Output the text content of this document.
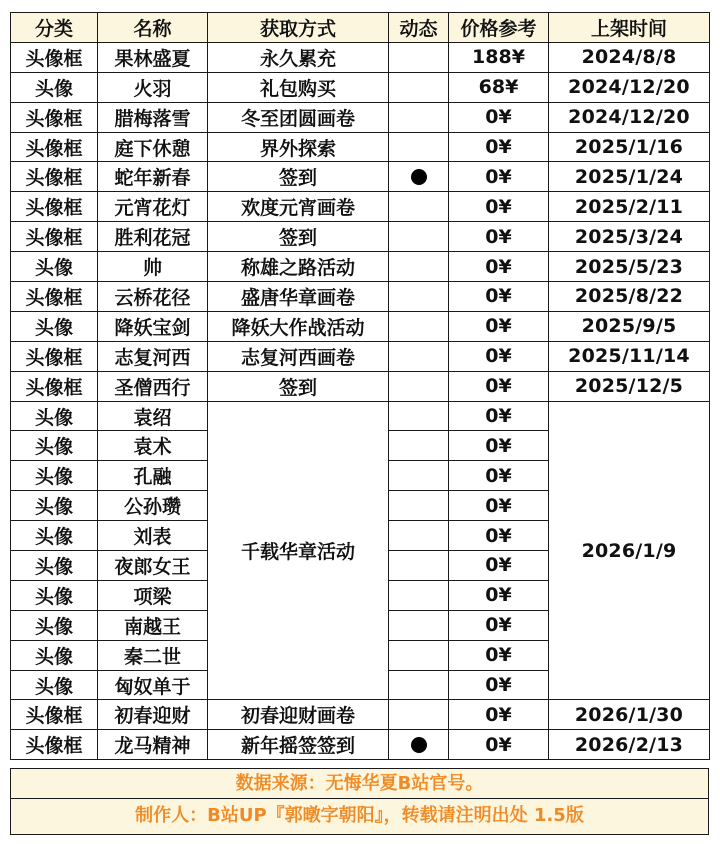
分类	名称	获取方式	动态	价格参考	上架时间
头像框	果林盛夏	永久累充		188¥	2024/8/8
头像	火羽	礼包购买		68¥	2024/12/20
头像框	腊梅落雪	冬至团圆画卷		0¥	2024/12/20
头像框	庭下休憩	界外探索		0¥	2025/1/16
头像框	蛇年新春	签到		0¥	2025/1/24
头像框	元宵花灯	欢度元宵画卷		0¥	2025/2/11
头像框	胜利花冠	签到		0¥	2025/3/24
头像	帅	称雄之路活动		0¥	2025/5/23
头像框	云桥花径	盛唐华章画卷		0¥	2025/8/22
头像	降妖宝剑	降妖大作战活动		0¥	2025/9/5
头像框	志复河西	志复河西画卷		0¥	2025/11/14
头像框	圣僧西行	签到		0¥	2025/12/5
头像	袁绍	千载华章活动		0¥	2026/1/9
头像	袁术			0¥	
头像	孔融			0¥	
头像	公孙瓒			0¥	
头像	刘表			0¥	
头像	夜郎女王			0¥	
头像	项梁			0¥	
头像	南越王			0¥	
头像	秦二世			0¥	
头像	匈奴单于			0¥	
头像框	初春迎财	初春迎财画卷		0¥	2026/1/30
头像框	龙马精神	新年摇签签到		0¥	2026/2/13
数据来源：无悔华夏B站官号。
制作人：B站UP『郭暾字朝阳』，转载请注明出处 1.5版
